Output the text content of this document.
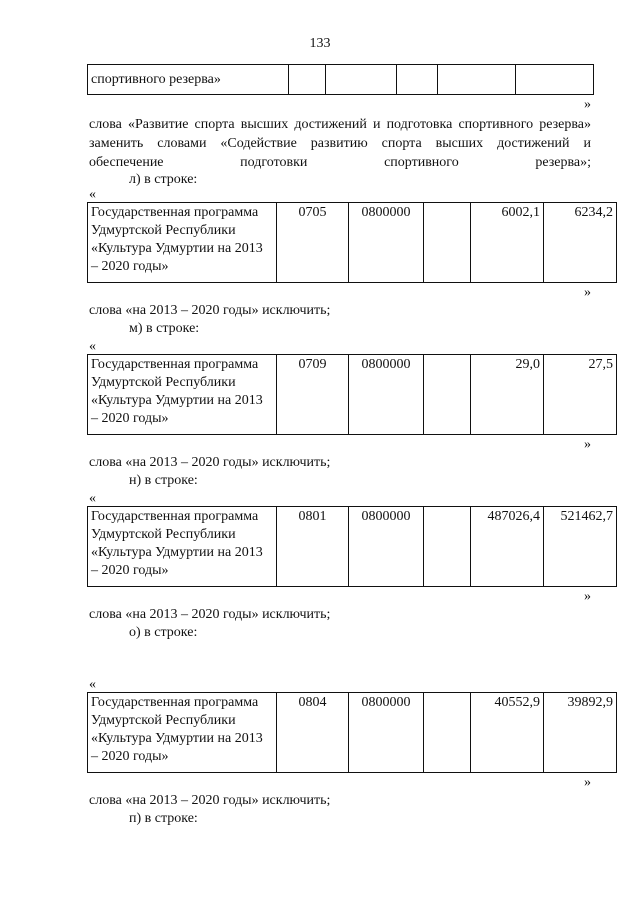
133
спортивного резерва»					
»
слова «Развитие спорта высших достижений и подготовка спортивного резерва» заменить словами «Содействие развитию спорта высших достижений и обеспечение подготовки спортивного резерва»;
л) в строке:
«
Государственная программа Удмуртской Республики «Культура Удмуртии на 2013 – 2020 годы»	0705	0800000		6002,1	6234,2
»
слова «на 2013 – 2020 годы» исключить;
м) в строке:
«
Государственная программа Удмуртской Республики «Культура Удмуртии на 2013 – 2020 годы»	0709	0800000		29,0	27,5
»
слова «на 2013 – 2020 годы» исключить;
н) в строке:
«
Государственная программа Удмуртской Республики «Культура Удмуртии на 2013 – 2020 годы»	0801	0800000		487026,4	521462,7
»
слова «на 2013 – 2020 годы» исключить;
о) в строке:
«
Государственная программа Удмуртской Республики «Культура Удмуртии на 2013 – 2020 годы»	0804	0800000		40552,9	39892,9
»
слова «на 2013 – 2020 годы» исключить;
п) в строке:
